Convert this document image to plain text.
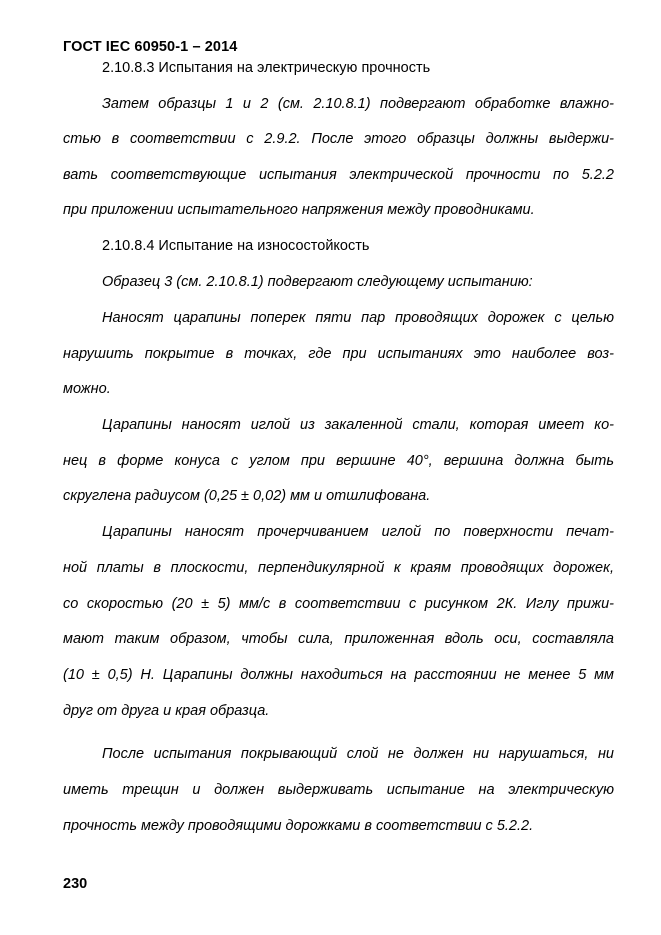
ГОСТ IEC 60950-1 – 2014
2.10.8.3 Испытания на электрическую прочность
Затем образцы 1 и 2 (см. 2.10.8.1) подвергают обработке влажно-
стью в соответствии с 2.9.2. После этого образцы должны выдержи-
вать соответствующие испытания электрической прочности по 5.2.2
при приложении испытательного напряжения между проводниками.
2.10.8.4 Испытание на износостойкость
Образец 3 (см. 2.10.8.1) подвергают следующему испытанию:
Наносят царапины поперек пяти пар проводящих дорожек с целью
нарушить покрытие в точках, где при испытаниях это наиболее воз-
можно.
Царапины наносят иглой из закаленной стали, которая имеет ко-
нец в форме конуса с углом при вершине 40°, вершина должна быть
скруглена радиусом (0,25 ± 0,02) мм и отшлифована.
Царапины наносят прочерчиванием иглой по поверхности печат-
ной платы в плоскости, перпендикулярной к краям проводящих дорожек,
со скоростью (20 ± 5) мм/с в соответствии с рисунком 2К. Иглу прижи-
мают таким образом, чтобы сила, приложенная вдоль оси, составляла
(10 ± 0,5) Н. Царапины должны находиться на расстоянии не менее 5 мм
друг от друга и края образца.
После испытания покрывающий слой не должен ни нарушаться, ни
иметь трещин и должен выдерживать испытание на электрическую
прочность между проводящими дорожками в соответствии с 5.2.2.
230
